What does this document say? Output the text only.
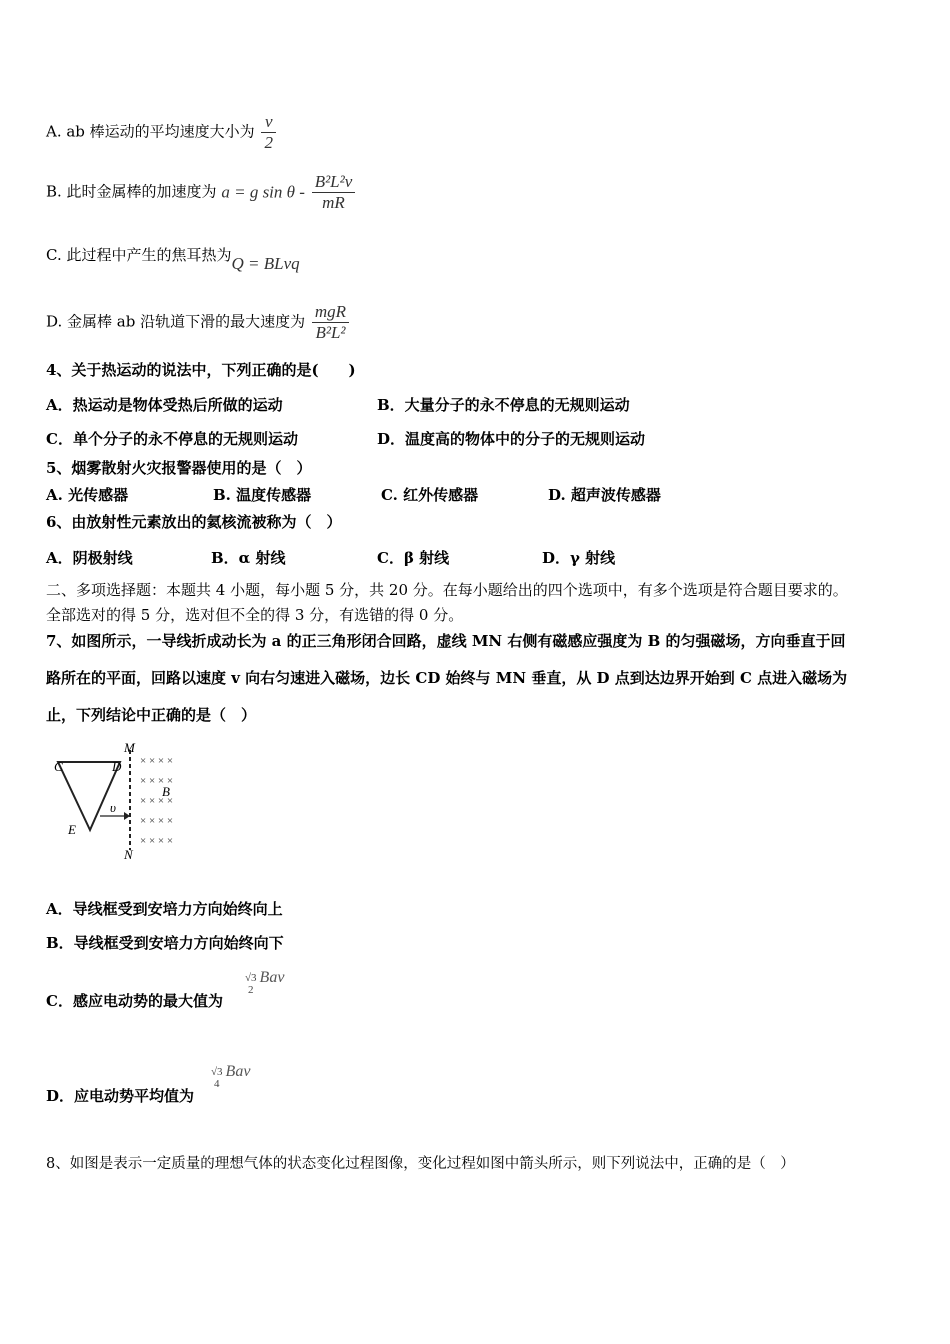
A. ab 棒运动的平均速度大小为 $\frac{v}{2}$
B. 此时金属棒的加速度为 a = g sin θ - $\frac{\text{B²L²v}}{mR}$
C. 此过程中产生的焦耳热为Q = BLvq
D. 金属棒 ab 沿轨道下滑的最大速度为 $\frac{\text{mgR}}{\text{B²L²}}$
4、关于热运动的说法中，下列正确的是(　　)
A．热运动是物体受热后所做的运动	B．大量分子的永不停息的无规则运动
C．单个分子的永不停息的无规则运动	D．温度高的物体中的分子的无规则运动
5、烟雾散射火灾报警器使用的是（　）
A. 光传感器	B. 温度传感器	C. 红外传感器	D. 超声波传感器
6、由放射性元素放出的氦核流被称为（　）
A．阴极射线	B．α 射线	C．β 射线	D．γ 射线
二、多项选择题：本题共 4 小题，每小题 5 分，共 20 分。在每小题给出的四个选项中，有多个选项是符合题目要求的。
全部选对的得 5 分，选对但不全的得 3 分，有选错的得 0 分。
7、如图所示，一导线折成动长为 a 的正三角形闭合回路，虚线 MN 右侧有磁感应强度为 B 的匀强磁场，方向垂直于回
路所在的平面，回路以速度 v 向右匀速进入磁场，边长 CD 始终与 MN 垂直，从 D 点到达边界开始到 C 点进入磁场为
止，下列结论中正确的是（　）
× × × ×
× × × ×
× × × ×
× × × ×
× × × ×
C	D
E
M
N
B
υ
A．导线框受到安培力方向始终向上
B．导线框受到安培力方向始终向下
C．感应电动势的最大值为
√3
2
Bav
D．应电动势平均值为
√3
4
Bav
8、如图是表示一定质量的理想气体的状态变化过程图像，变化过程如图中箭头所示，则下列说法中，正确的是（　）
